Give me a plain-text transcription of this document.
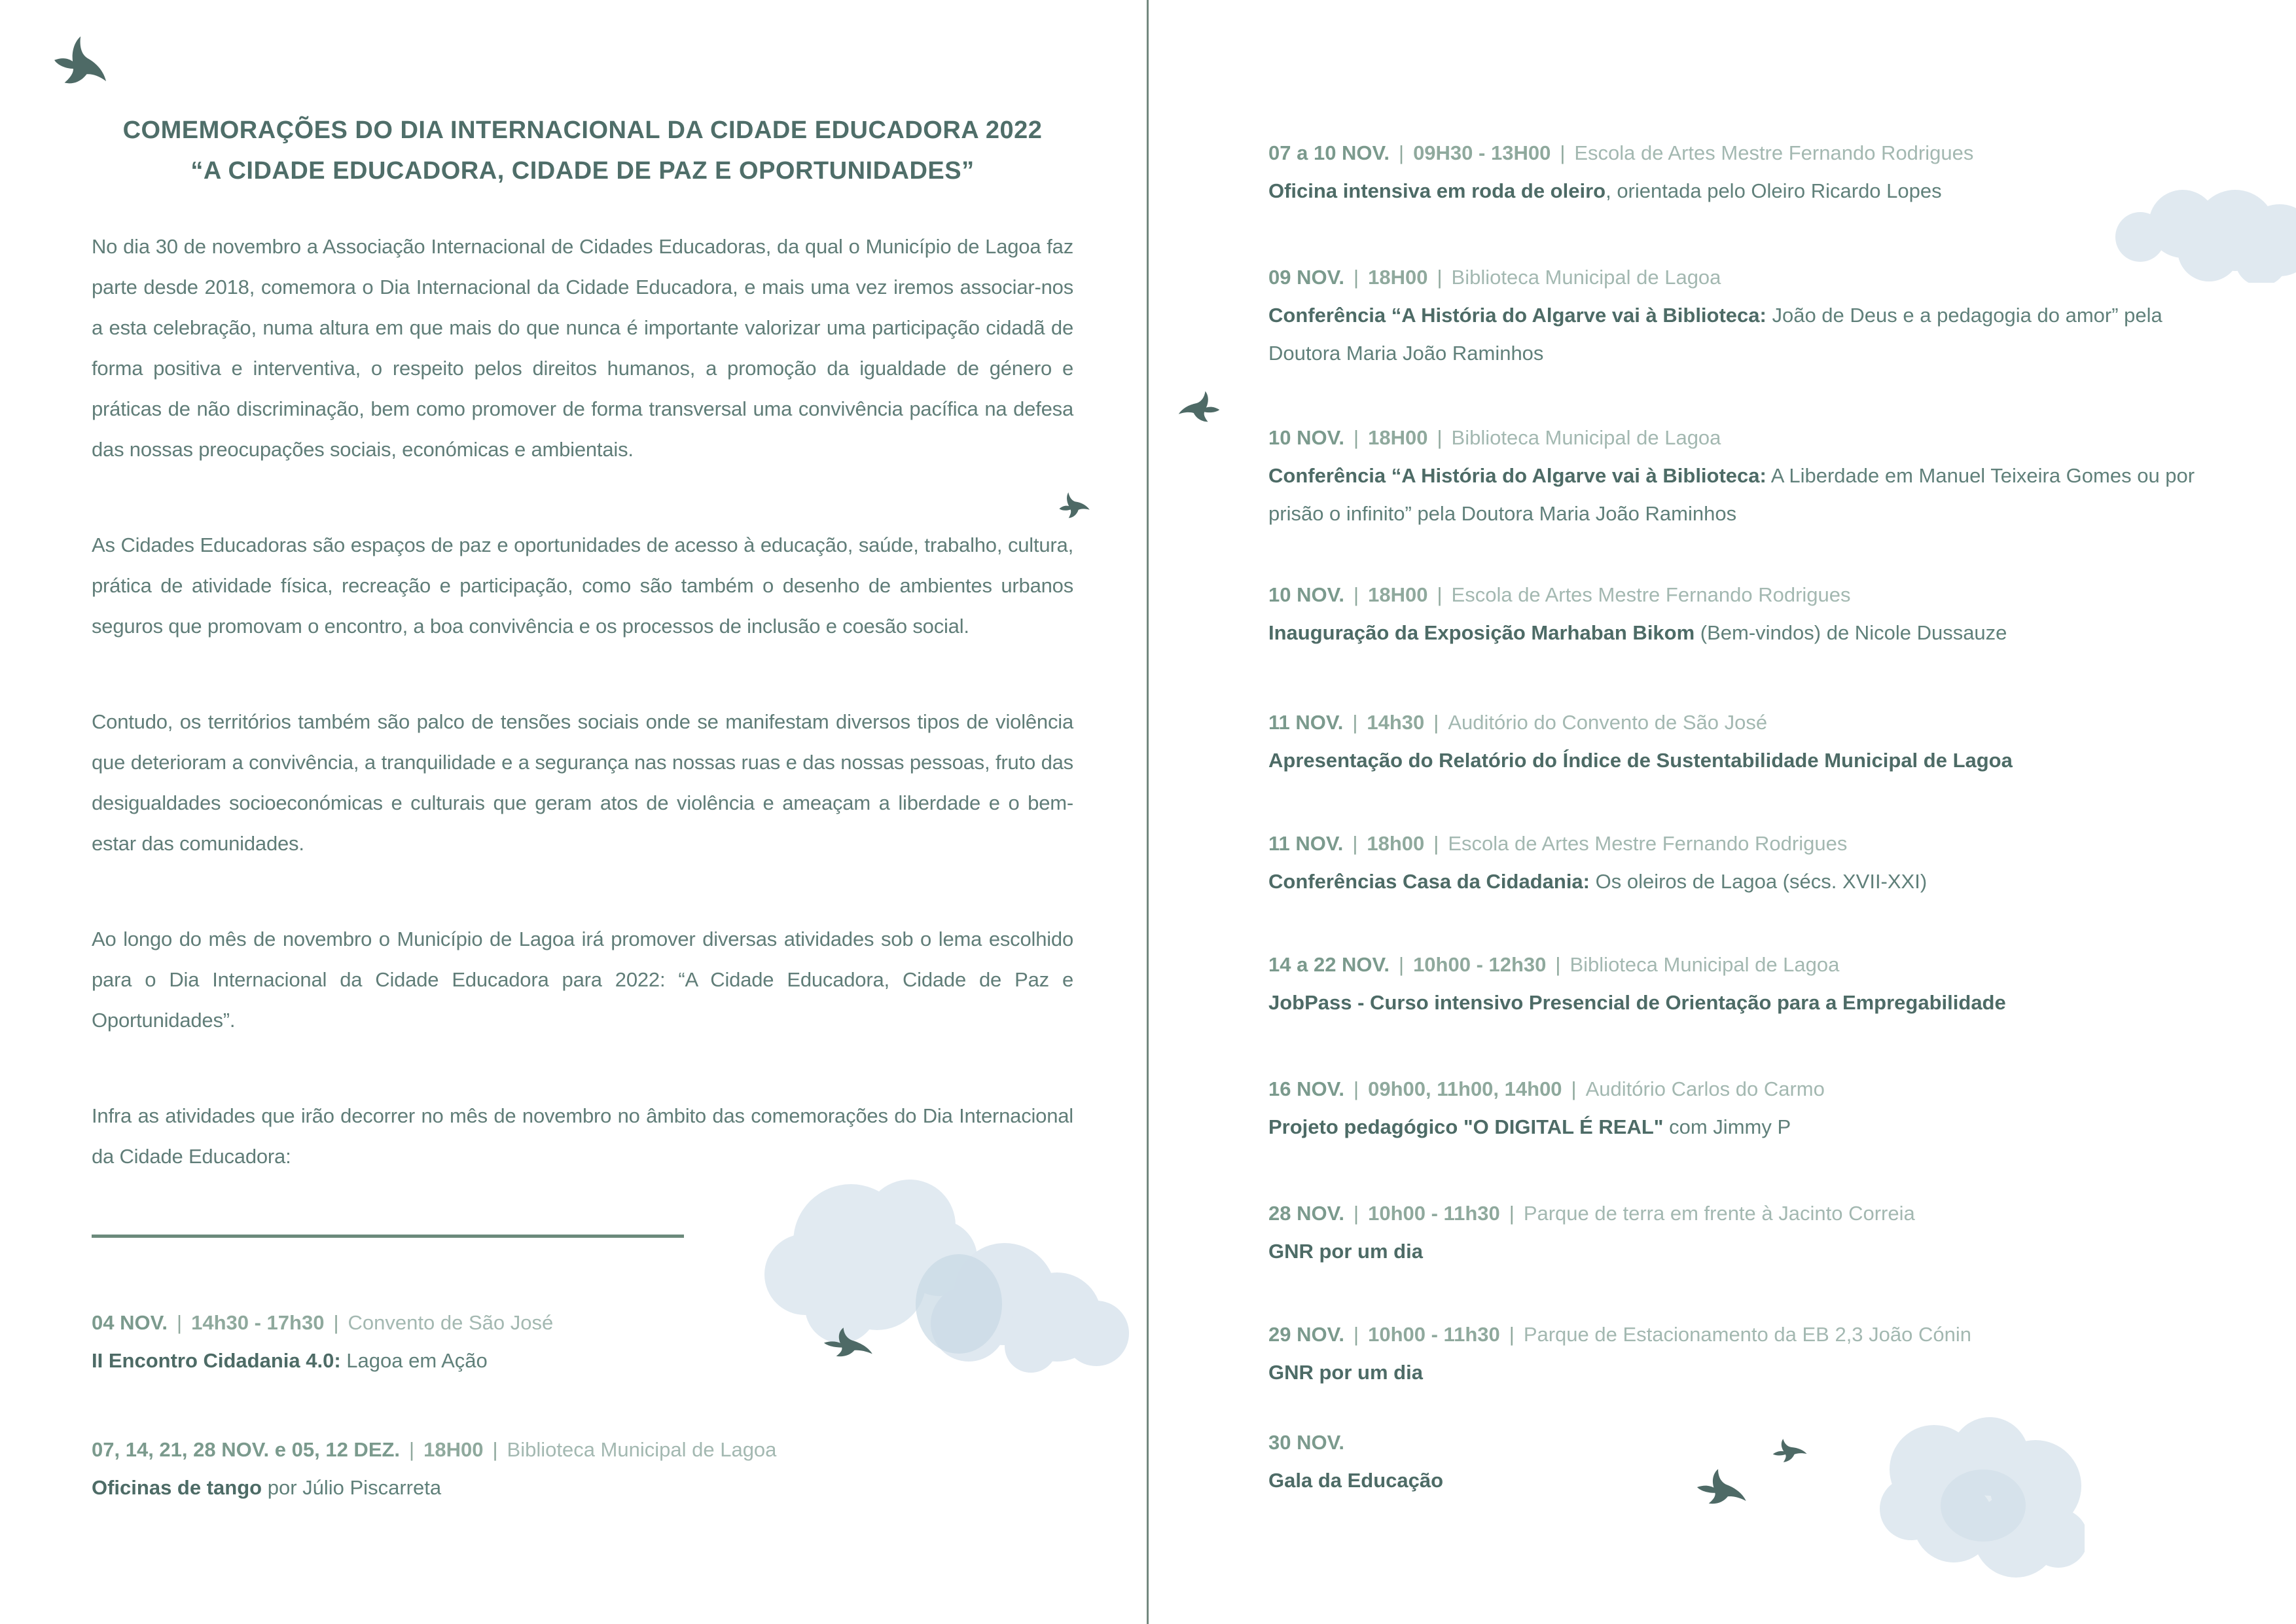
COMEMORAÇÕES DO DIA INTERNACIONAL DA CIDADE EDUCADORA 2022
“A CIDADE EDUCADORA, CIDADE DE PAZ E OPORTUNIDADES”

No dia 30 de novembro a Associação Internacional de Cidades Educadoras, da qual o Município de Lagoa faz parte desde 2018, comemora o Dia Internacional da Cidade Educadora, e mais uma vez iremos associar-nos a esta celebração, numa altura em que mais do que nunca é importante valorizar uma participação cidadã de forma positiva e interventiva, o respeito pelos direitos humanos, a promoção da igualdade de género e práticas de não discriminação, bem como promover de forma transversal uma convivência pacífica na defesa das nossas preocupações sociais, económicas e ambientais.

As Cidades Educadoras são espaços de paz e oportunidades de acesso à educação, saúde, trabalho, cultura, prática de atividade física, recreação e participação, como são também o desenho de ambientes urbanos seguros que promovam o encontro, a boa convivência e os processos de inclusão e coesão social.

Contudo, os territórios também são palco de tensões sociais onde se manifestam diversos tipos de violência que deterioram a convivência, a tranquilidade e a segurança nas nossas ruas e das nossas pessoas, fruto das desigualdades socioeconómicas e culturais que geram atos de violência e ameaçam a liberdade e o bem-estar das comunidades.

Ao longo do mês de novembro o Município de Lagoa irá promover diversas atividades sob o lema escolhido para o Dia Internacional da Cidade Educadora para 2022: “A Cidade Educadora, Cidade de Paz e Oportunidades”.

Infra as atividades que irão decorrer no mês de novembro no âmbito das comemorações do Dia Internacional da Cidade Educadora:

04 NOV. | 14h30 - 17h30 | Convento de São José
II Encontro Cidadania 4.0: Lagoa em Ação
07, 14, 21, 28 NOV. e 05, 12 DEZ. | 18H00 | Biblioteca Municipal de Lagoa
Oficinas de tango por Júlio Piscarreta
07 a 10 NOV. | 09H30 - 13H00 | Escola de Artes Mestre Fernando Rodrigues
Oficina intensiva em roda de oleiro, orientada pelo Oleiro Ricardo Lopes
09 NOV. | 18H00 | Biblioteca Municipal de Lagoa
Conferência “A História do Algarve vai à Biblioteca: João de Deus e a pedagogia do amor” pela Doutora Maria João Raminhos
10 NOV. | 18H00 | Biblioteca Municipal de Lagoa
Conferência “A História do Algarve vai à Biblioteca: A Liberdade em Manuel Teixeira Gomes ou por prisão o infinito” pela Doutora Maria João Raminhos
10 NOV. | 18H00 | Escola de Artes Mestre Fernando Rodrigues
Inauguração da Exposição Marhaban Bikom (Bem-vindos) de Nicole Dussauze
11 NOV. | 14h30 | Auditório do Convento de São José
Apresentação do Relatório do Índice de Sustentabilidade Municipal de Lagoa
11 NOV. | 18h00 | Escola de Artes Mestre Fernando Rodrigues
Conferências Casa da Cidadania: Os oleiros de Lagoa (sécs. XVII-XXI)
14 a 22 NOV. | 10h00 - 12h30 | Biblioteca Municipal de Lagoa
JobPass - Curso intensivo Presencial de Orientação para a Empregabilidade
16 NOV. | 09h00, 11h00, 14h00 | Auditório Carlos do Carmo
Projeto pedagógico "O DIGITAL É REAL" com Jimmy P
28 NOV. | 10h00 - 11h30 | Parque de terra em frente à Jacinto Correia
GNR por um dia
29 NOV. | 10h00 - 11h30 | Parque de Estacionamento da EB 2,3 João Cónin
GNR por um dia
30 NOV.
Gala da Educação
